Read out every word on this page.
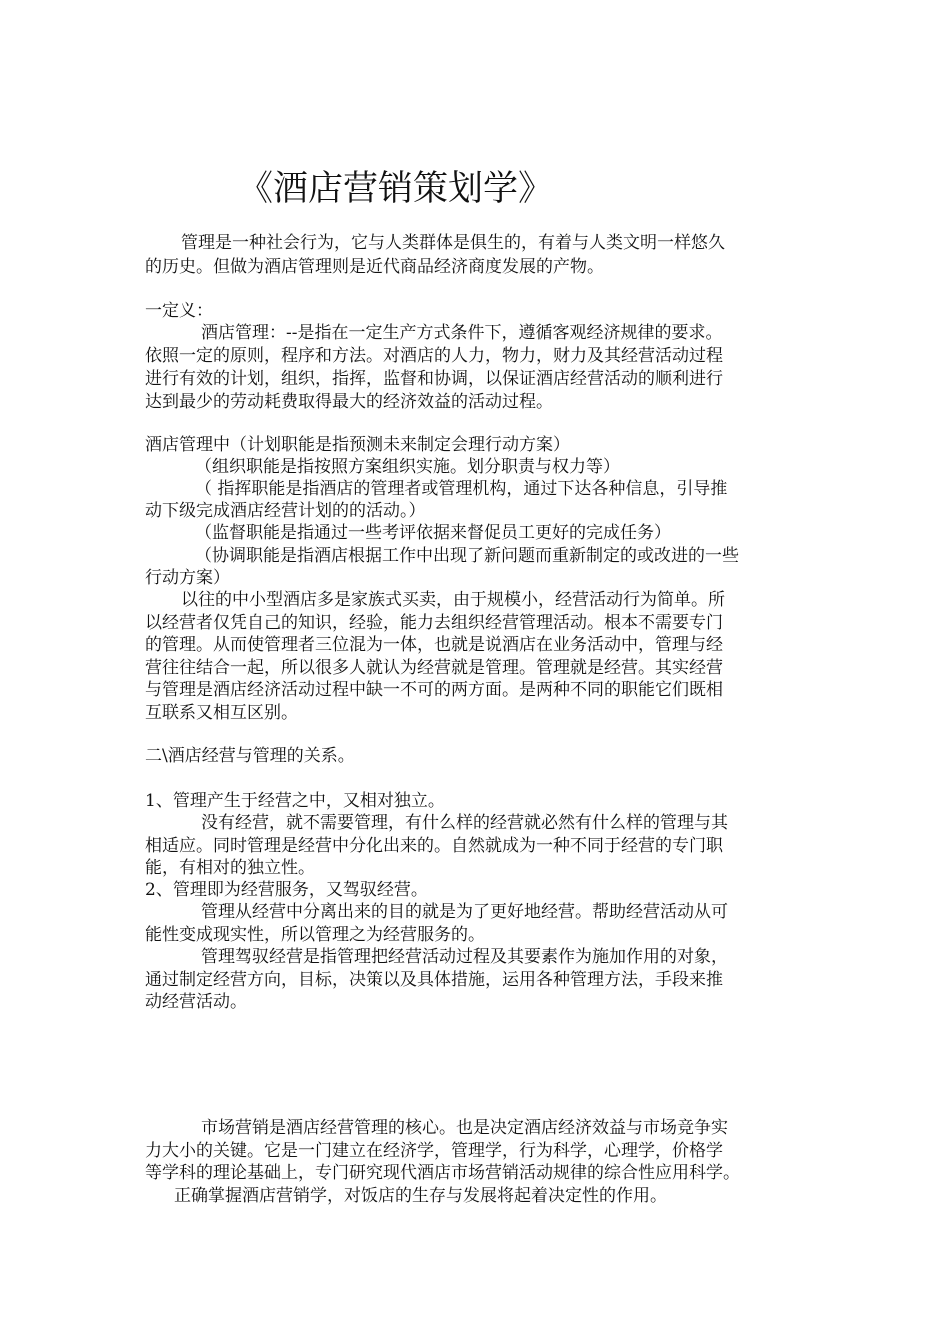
《酒店营销策划学》

管理是一种社会行为，它与人类群体是俱生的，有着与人类文明一样悠久

的历史。但做为酒店管理则是近代商品经济商度发展的产物。

一定义：

酒店管理：--是指在一定生产方式条件下，遵循客观经济规律的要求。

依照一定的原则，程序和方法。对酒店的人力，物力，财力及其经营活动过程

进行有效的计划，组织，指挥，监督和协调，以保证酒店经营活动的顺利进行

达到最少的劳动耗费取得最大的经济效益的活动过程。

酒店管理中（计划职能是指预测未来制定会理行动方案）

（组织职能是指按照方案组织实施。划分职责与权力等）

（ 指挥职能是指酒店的管理者或管理机构，通过下达各种信息，引导推

动下级完成酒店经营计划的的活动。）

（监督职能是指通过一些考评依据来督促员工更好的完成任务）

（协调职能是指酒店根据工作中出现了新问题而重新制定的或改进的一些

行动方案）

以往的中小型酒店多是家族式买卖，由于规模小，经营活动行为简单。所

以经营者仅凭自己的知识，经验，能力去组织经营管理活动。根本不需要专门

的管理。从而使管理者三位混为一体，也就是说酒店在业务活动中，管理与经

营往往结合一起，所以很多人就认为经营就是管理。管理就是经营。其实经营

与管理是酒店经济活动过程中缺一不可的两方面。是两种不同的职能它们既相

互联系又相互区别。

二\酒店经营与管理的关系。

1、管理产生于经营之中，又相对独立。

没有经营，就不需要管理，有什么样的经营就必然有什么样的管理与其

相适应。同时管理是经营中分化出来的。自然就成为一种不同于经营的专门职

能，有相对的独立性。

2、管理即为经营服务，又驾驭经营。

管理从经营中分离出来的目的就是为了更好地经营。帮助经营活动从可

能性变成现实性，所以管理之为经营服务的。

管理驾驭经营是指管理把经营活动过程及其要素作为施加作用的对象，

通过制定经营方向，目标，决策以及具体措施，运用各种管理方法，手段来推

动经营活动。

市场营销是酒店经营管理的核心。也是决定酒店经济效益与市场竞争实

力大小的关键。它是一门建立在经济学，管理学，行为科学，心理学，价格学

等学科的理论基础上，专门研究现代酒店市场营销活动规律的综合性应用科学。

正确掌握酒店营销学，对饭店的生存与发展将起着决定性的作用。
